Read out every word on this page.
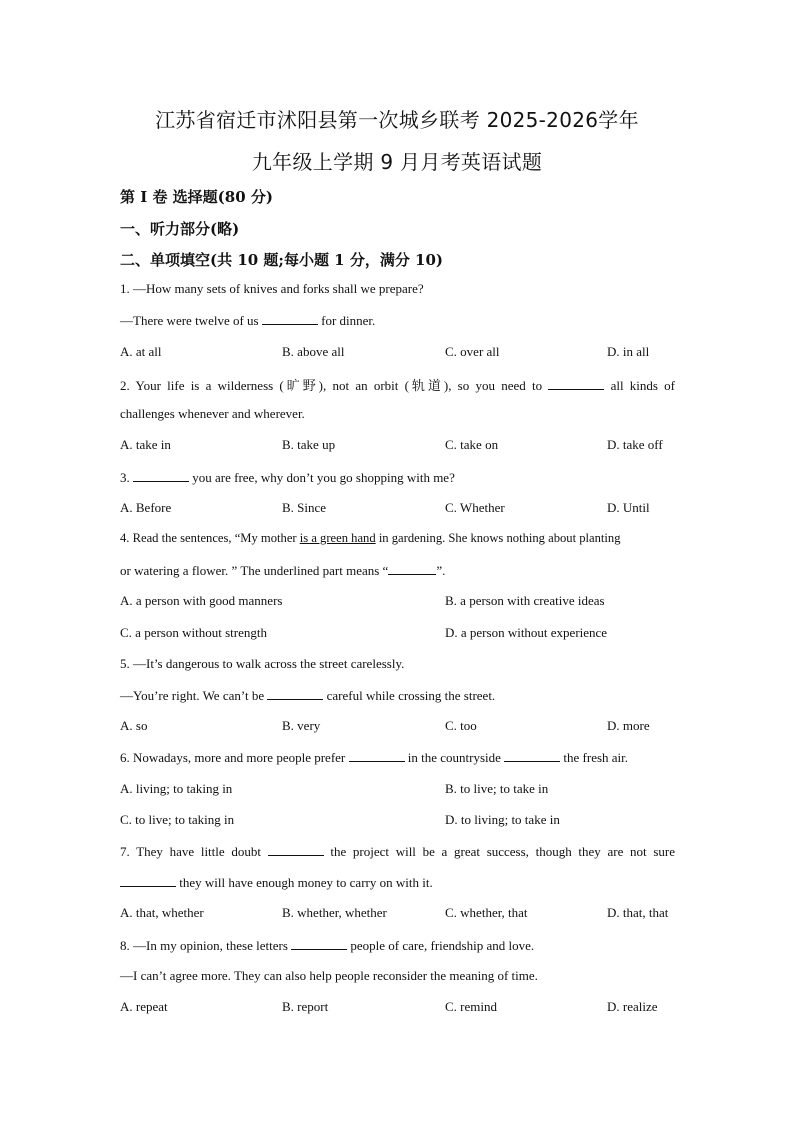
江苏省宿迁市沭阳县第一次城乡联考 2025-2026学年
九年级上学期 9 月月考英语试题
第 I 卷 选择题(80 分)
一、听力部分(略)
二、单项填空(共 10 题;每小题 1 分，满分 10)
1. —How many sets of knives and forks shall we prepare?
—There were twelve of us	for dinner.
A. at all	B. above all	C. over all	D. in all
2. Your life is a wilderness (旷野), not an orbit (轨道), so you need to	all kinds of
challenges whenever and wherever.
A. take in	B. take up	C. take on	D. take off
3.	you are free, why don’t you go shopping with me?
A. Before	B. Since	C. Whether	D. Until
4. Read the sentences, “My mother is a green hand in gardening. She knows nothing about planting
or watering a flower. ” The underlined part means “	”.
A. a person with good manners	B. a person with creative ideas
C. a person without strength	D. a person without experience
5. —It’s dangerous to walk across the street carelessly.
—You’re right. We can’t be	careful while crossing the street.
A. so	B. very	C. too	D. more
6. Nowadays, more and more people prefer	in the countryside	the fresh air.
A. living; to taking in	B. to live; to take in
C. to live; to taking in	D. to living; to take in
7. They have little doubt	the project will be a great success, though they are not sure
they will have enough money to carry on with it.
A. that, whether	B. whether, whether	C. whether, that	D. that, that
8. —In my opinion, these letters	people of care, friendship and love.
—I can’t agree more. They can also help people reconsider the meaning of time.
A. repeat	B. report	C. remind	D. realize
